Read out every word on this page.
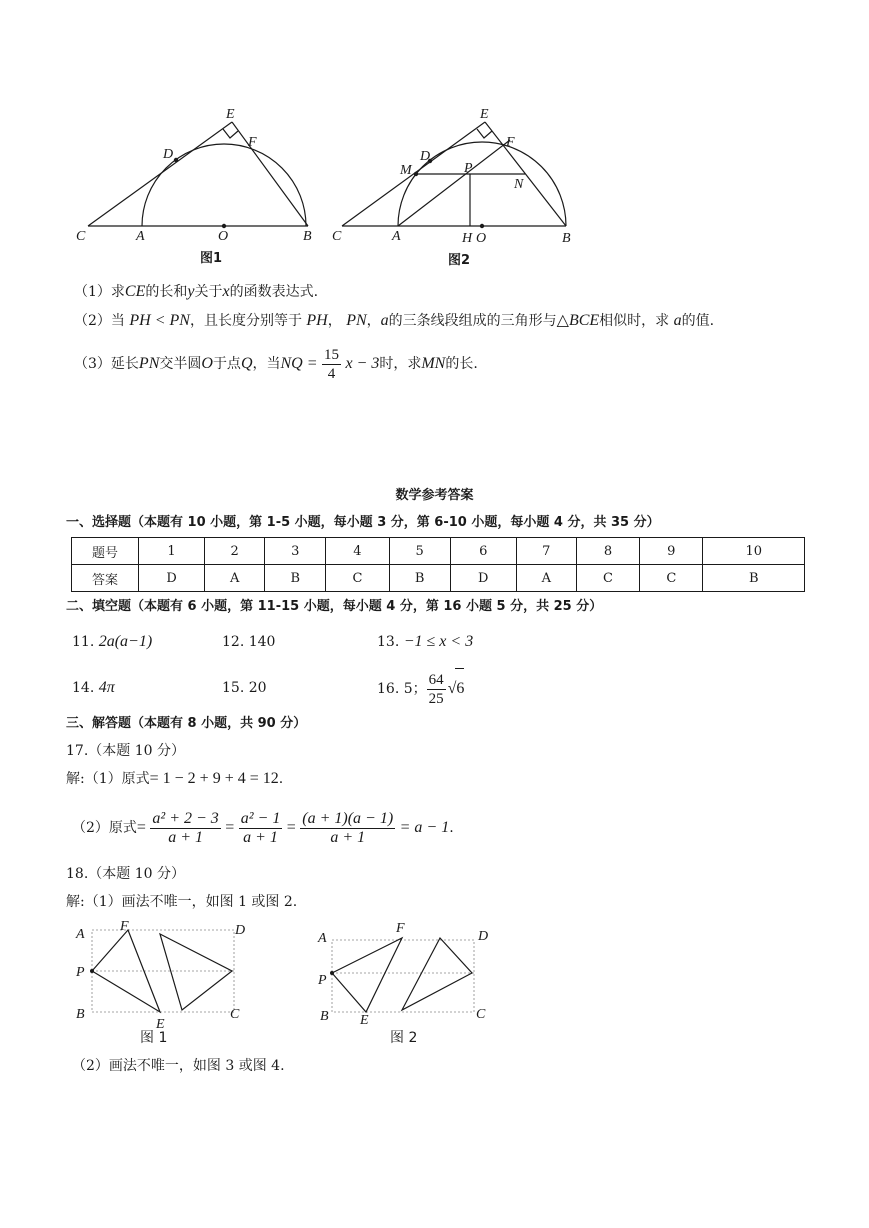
E
D
F
C	A	O	B
图1
E
M
D
P
F
N
C	A	H O	B
图2
（1）求CE的长和y关于x的函数表达式.
（2）当 PH < PN，且长度分别等于 PH， PN，a的三条线段组成的三角形与△BCE相似时，求 a的值.
（3）延长PN交半圆O于点Q，当NQ = $\frac{15}{4}$ x − 3时，求MN的长.
数学参考答案
一、选择题（本题有 10 小题，第 1-5 小题，每小题 3 分，第 6-10 小题，每小题 4 分，共 35 分）
题号	1	2	3	4	5	6	7	8	9	10
答案	D	A	B	C	B	D	A	C	C	B
二、填空题（本题有 6 小题，第 11-15 小题，每小题 4 分，第 16 小题 5 分，共 25 分）
11. 2a(a−1)	12. 140	13. −1 ≤ x < 3
14. 4π	15. 20	16. 5； $\frac{64}{25} √6$
三、解答题（本题有 8 小题，共 90 分）
17.（本题 10 分）
解:（1）原式= 1 − 2 + 9 + 4 = 12.
（2）原式= $\frac{\text{a² + 2 − 3}}{a + 1} = \frac{\text{a² − 1}}{a + 1} = \frac{(a + 1)(a - 1)}{a + 1} = a - 1$.
18.（本题 10 分）
解:（1）画法不唯一，如图 1 或图 2.
A
F	D
P
B
E
C
图 1
A
F
D
P
B E	C
图 2
（2）画法不唯一，如图 3 或图 4.
